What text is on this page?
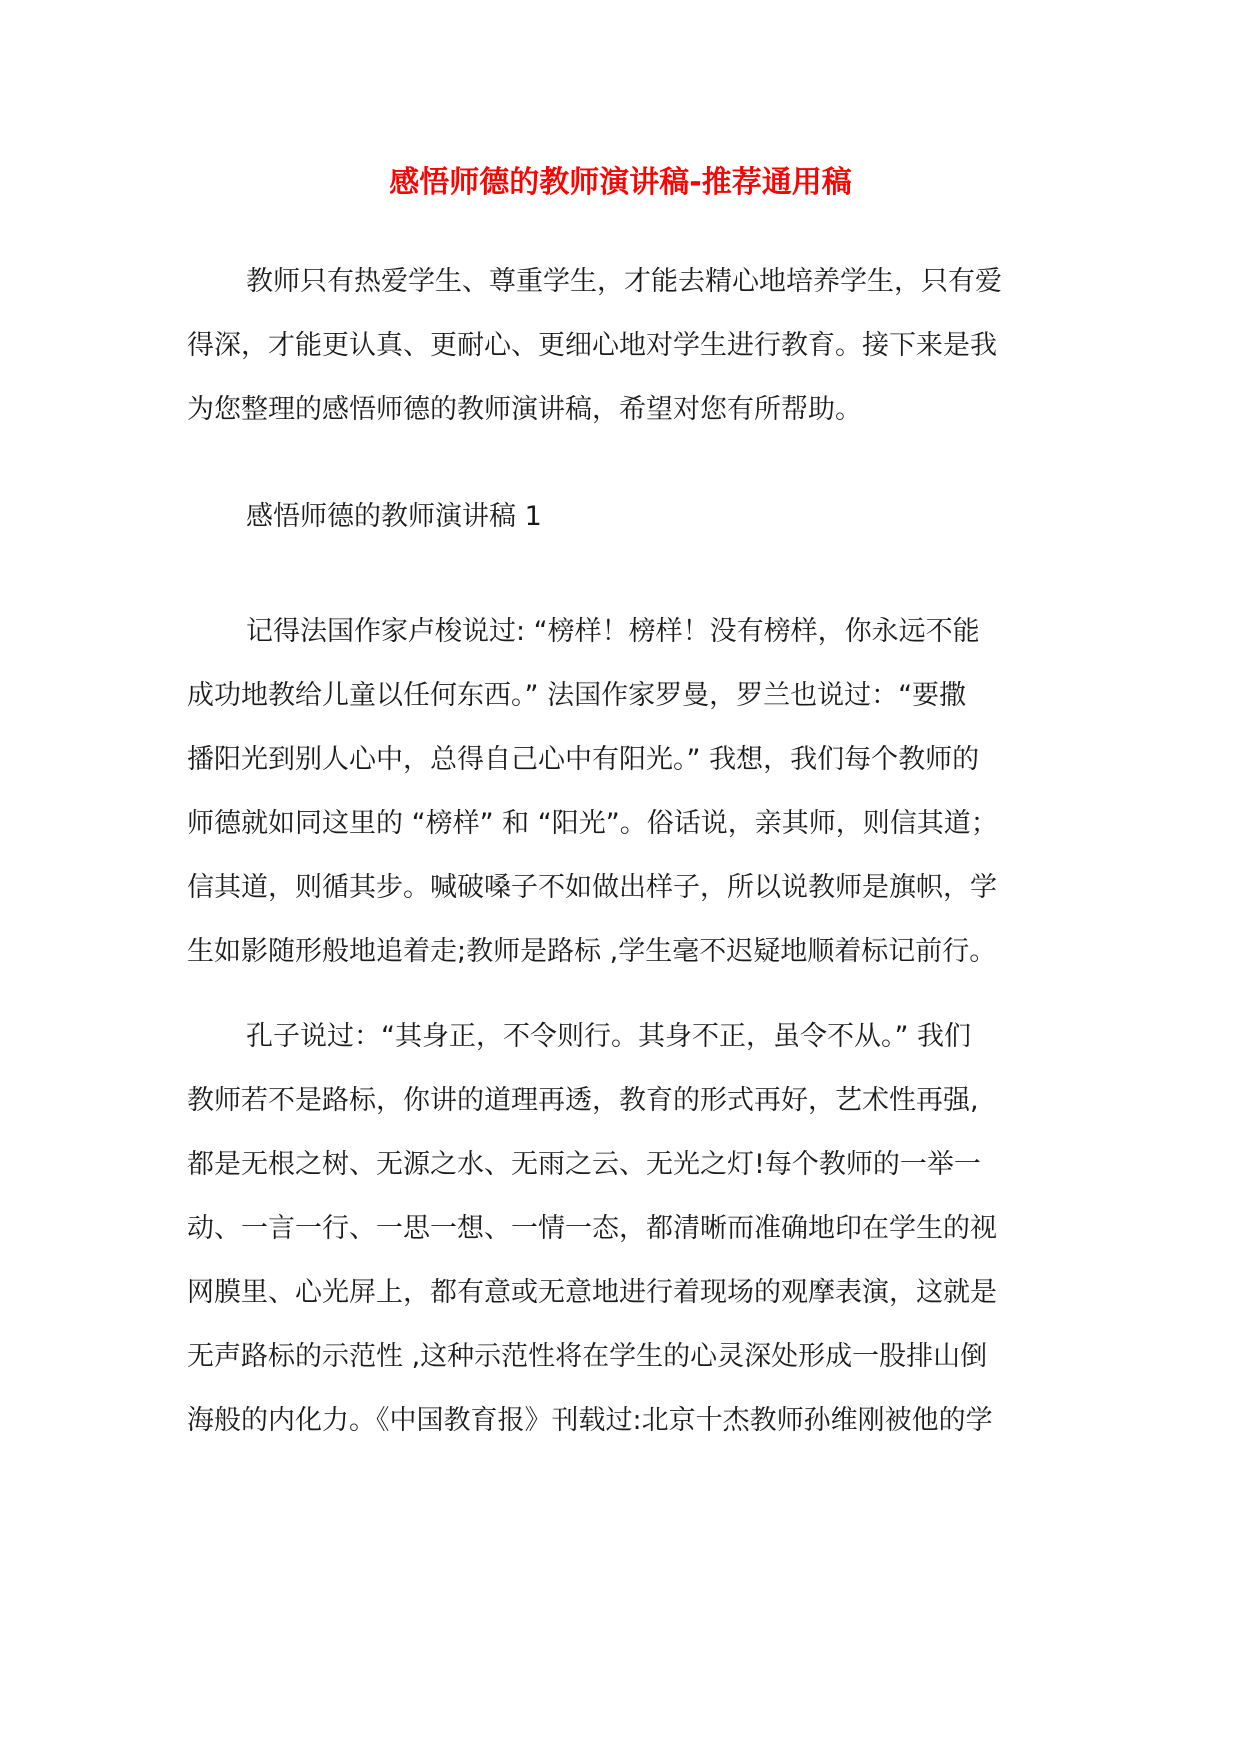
感悟师德的教师演讲稿-推荐通用稿
教师只有热爱学生、尊重学生，才能去精心地培养学生，只有爱
得深，才能更认真、更耐心、更细心地对学生进行教育。接下来是我
为您整理的感悟师德的教师演讲稿，希望对您有所帮助。
感悟师德的教师演讲稿 1
记得法国作家卢梭说过: “榜样！榜样！没有榜样，你永远不能
成功地教给儿童以任何东西。” 法国作家罗曼，罗兰也说过：“要撒
播阳光到别人心中，总得自己心中有阳光。” 我想，我们每个教师的
师德就如同这里的 “榜样” 和 “阳光”。俗话说，亲其师，则信其道；
信其道，则循其步。喊破嗓子不如做出样子，所以说教师是旗帜，学
生如影随形般地追着走;教师是路标 ,学生毫不迟疑地顺着标记前行。
孔子说过：“其身正，不令则行。其身不正，虽令不从。” 我们
教师若不是路标，你讲的道理再透，教育的形式再好，艺术性再强,
都是无根之树、无源之水、无雨之云、无光之灯!每个教师的一举一
动、一言一行、一思一想、一情一态，都清晰而准确地印在学生的视
网膜里、心光屏上，都有意或无意地进行着现场的观摩表演，这就是
无声路标的示范性 ,这种示范性将在学生的心灵深处形成一股排山倒
海般的内化力。《中国教育报》刊载过:北京十杰教师孙维刚被他的学
